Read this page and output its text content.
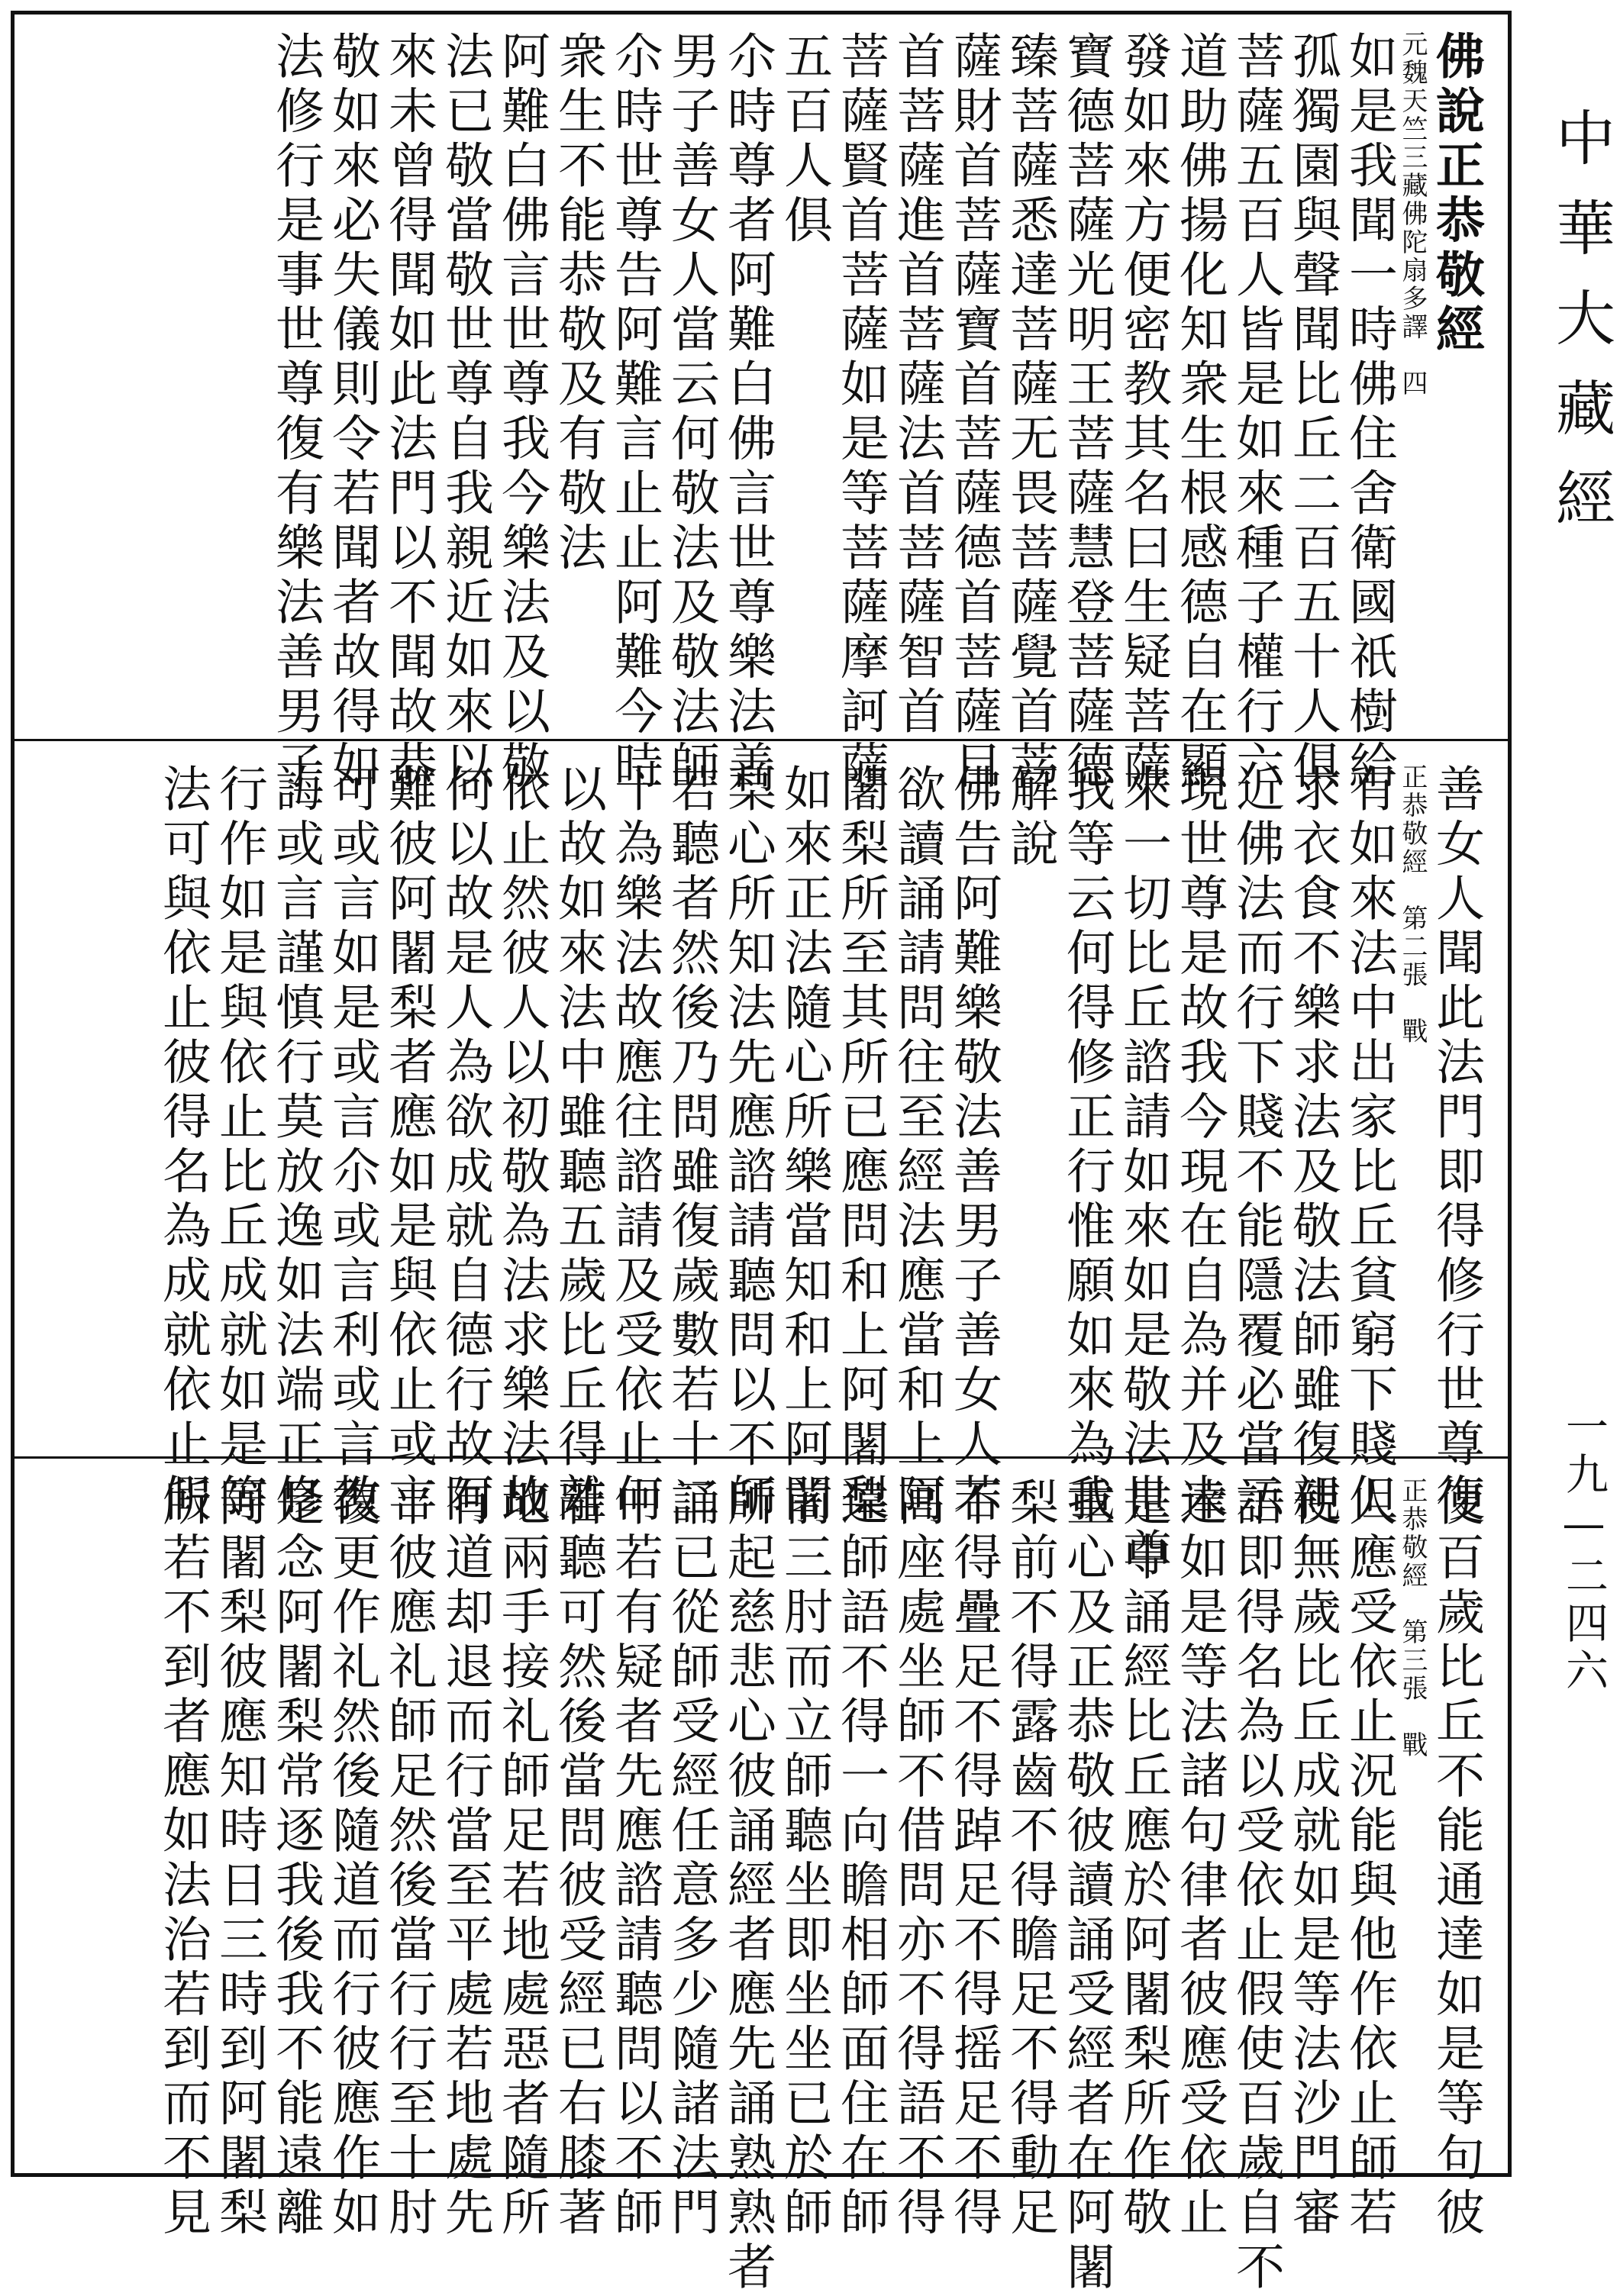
佛說正恭敬經
元魏天竺三藏佛陀扇多譯　四
如是我聞一時佛住舍衛國祇樹給
孤獨園與聲聞比丘二百五十人俱
菩薩五百人皆是如來種子權行六
道助佛揚化知衆生根感德自在顯
發如來方便密教其名曰生疑菩薩
寶德菩薩光明王菩薩慧登菩薩德
臻菩薩悉達菩薩无畏菩薩覺首菩
薩財首菩薩寶首菩薩德首菩薩目
首菩薩進首菩薩法首菩薩智首
菩薩賢首菩薩如是等菩薩摩訶薩
五百人俱
尒時尊者阿難白佛言世尊樂法善
男子善女人當云何敬法及敬法師
尒時世尊告阿難言止止阿難今時
衆生不能恭敬及有敬法
阿難白佛言世尊我今樂法及以敬
法已敬當敬世尊自我親近如來以
來未曾得聞如此法門以不聞故恭
敬如來必失儀則令若聞者故得如
法修行是事世尊復有樂法善男子
善女人聞此法門即得修行世尊復
正恭敬經　第二張　戰
有如來法中出家比丘貧窮下賤但
求衣食不樂求法及敬法師雖復親
近佛法而行下賤不能隱覆必當示
現世尊是故我今現在自為并及未
來一切比丘諮請如來如是敬法世尊
我等云何得修正行惟願如來為我
解說
佛告阿難樂敬法善男子善女人若
欲讀誦請問往至經法應當和上阿
闍梨所至其所已應問和上阿闍梨
如來正法隨心所樂當知和上阿闍
梨心所知法先應諮請聽問以不師
若聽者然後乃問雖復歲數若十二
十為樂法故應往諮請及受依止何
以故如來法中雖聽五歲比丘得離
依止然彼人以初敬為法求樂法故
何以故是人為欲成就自德行故阿
難彼阿闍梨者應如是與依止或言
可或言如是或言尒或言利或言教
誨或言謹慎行莫放逸如法端正修
行作如是與依止比丘成就如是等
法可與依止彼得名為成就依止假
使百歲比丘不能通達如是等句彼
正恭敬經　第三張　戰
人應受依止況能與他作依止師若
使無歲比丘成就如是等法沙門審
語即得名為以受依止假使百歲自不
達如是等法諸句律者彼應受依止
是中誦經比丘應於阿闍梨所作敬
重心及正恭敬彼讀誦受經者在阿闍
梨前不得露齒不得瞻足不得動足
不得疊足不得踔足不得摇足不得
高座處坐師不借問亦不得語不得
違師語不得一向瞻相師面住在師
前三肘而立師聽坐即坐坐已於師
所起慈悲心彼誦經者應先誦熟熟者
誦已從師受經任意多少隨諸法門
中若有疑者先應諮請聽問以不師
若聽可然後當問彼受經已右膝著
地兩手接礼師足若地處惡者隨所
有道却退而行當至平處若地處先
平彼應礼師足然後當行行至十肘
復更作礼然後隨道而行彼應作如
是念阿闍梨常逐我後我不能遠離
阿闍梨彼應知時日三時到阿闍梨
所若不到者應如法治若到而不見
中華大藏經
一九—二四六
